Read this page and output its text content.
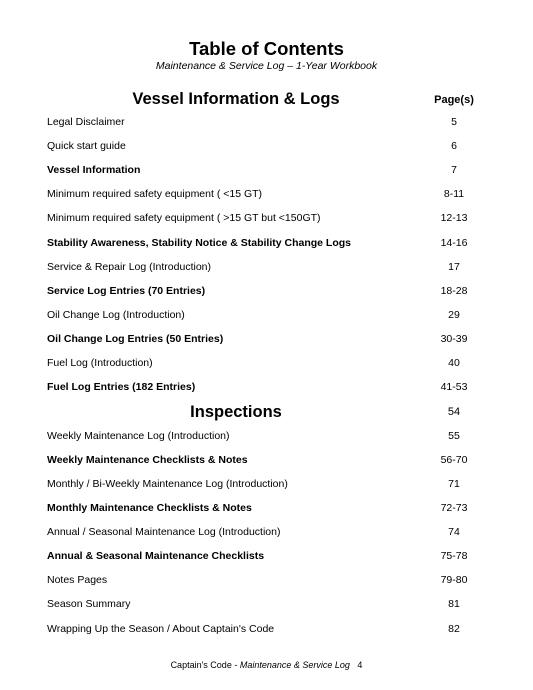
Table of Contents
Maintenance & Service Log – 1-Year Workbook
Vessel Information & Logs	Page(s)
Legal Disclaimer	5
Quick start guide	6
Vessel Information	7
Minimum required safety equipment ( <15 GT)	8-11
Minimum required safety equipment ( >15 GT but <150GT)	12-13
Stability Awareness, Stability Notice & Stability Change Logs	14-16
Service & Repair Log (Introduction)	17
Service Log Entries (70 Entries)	18-28
Oil Change Log (Introduction)	29
Oil Change Log Entries (50 Entries)	30-39
Fuel Log (Introduction)	40
Fuel Log Entries (182 Entries)	41-53
Inspections	54
Weekly Maintenance Log (Introduction)	55
Weekly Maintenance Checklists & Notes	56-70
Monthly / Bi-Weekly Maintenance Log (Introduction)	71
Monthly Maintenance Checklists & Notes	72-73
Annual / Seasonal Maintenance Log (Introduction)	74
Annual & Seasonal Maintenance Checklists	75-78
Notes Pages	79-80
Season Summary	81
Wrapping Up the Season / About Captain's Code	82
Captain's Code - Maintenance & Service Log 4
